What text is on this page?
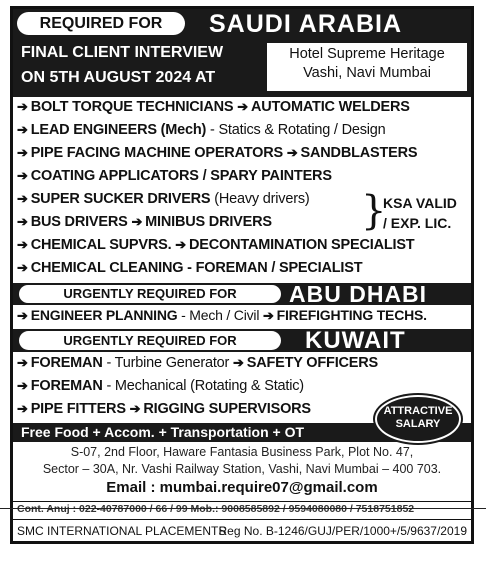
REQUIRED FOR	SAUDI ARABIA
FINAL CLIENT INTERVIEW
ON 5TH AUGUST 2024 AT
Hotel Supreme Heritage
Vashi, Navi Mumbai
➔ BOLT TORQUE TECHNICIANS ➔ AUTOMATIC WELDERS
➔ LEAD ENGINEERS (Mech) - Statics & Rotating / Design
➔ PIPE FACING MACHINE OPERATORS ➔ SANDBLASTERS
➔ COATING APPLICATORS / SPARY PAINTERS
➔ SUPER SUCKER DRIVERS (Heavy drivers)
➔ BUS DRIVERS ➔ MINIBUS DRIVERS }
KSA VALID
/ EXP. LIC.
➔ CHEMICAL SUPVRS. ➔ DECONTAMINATION SPECIALIST
➔ CHEMICAL CLEANING - FOREMAN / SPECIALIST
URGENTLY REQUIRED FOR	ABU DHABI
➔ ENGINEER PLANNING - Mech / Civil ➔ FIREFIGHTING TECHS.
URGENTLY REQUIRED FOR	KUWAIT
➔ FOREMAN - Turbine Generator ➔ SAFETY OFFICERS
➔ FOREMAN - Mechanical (Rotating & Static)
➔ PIPE FITTERS ➔ RIGGING SUPERVISORS
Free Food + Accom. + Transportation + OT
ATTRACTIVE
SALARY
S-07, 2nd Floor, Haware Fantasia Business Park, Plot No. 47,
Sector – 30A, Nr. Vashi Railway Station, Vashi, Navi Mumbai – 400 703.
Email : mumbai.require07@gmail.com
Cont. Anuj : 022-40787000 / 66 / 99 Mob.: 9008585892 / 9594080080 / 7518751852
SMC INTERNATIONAL PLACEMENTS
Reg No. B-1246/GUJ/PER/1000+/5/9637/2019
